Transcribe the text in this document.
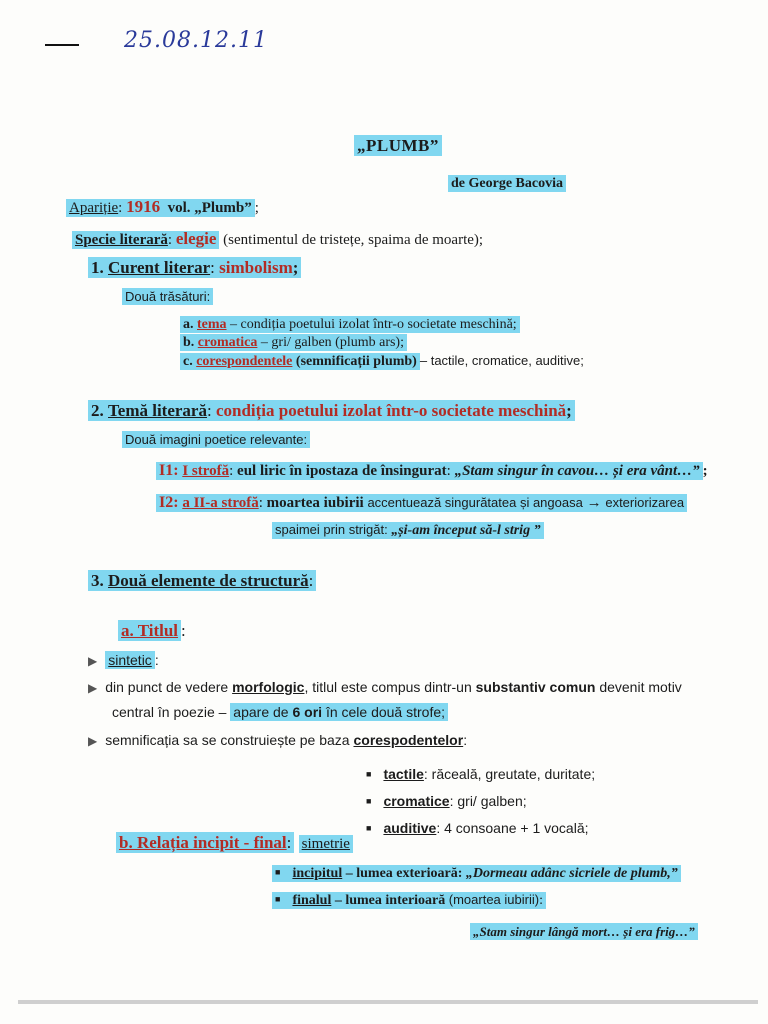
25.08.12.11
„PLUMB”
de George Bacovia
Apariție: 1916 vol. „Plumb” ;
Specie literară: elegie (sentimentul de tristețe, spaima de moarte);
1. Curent literar: simbolism;
Două trăsături:
a. tema – condiția poetului izolat într-o societate meschină;
b. cromatica – gri/ galben (plumb ars);
c. corespondentele (semnificații plumb) – tactile, cromatice, auditive;
2. Temă literară: condiția poetului izolat într-o societate meschină;
Două imagini poetice relevante:
I1: I strofă: eul liric în ipostaza de însingurat: „Stam singur în cavou… și era vânt…” ;
I2: a II-a strofă: moartea iubirii accentuează singurătatea și angoasa → exteriorizarea
spaimei prin strigăt: „și-am început să-l strig ”
3. Două elemente de structură:
a. Titlul :
▶ sintetic :
▶ din punct de vedere morfologic, titlul este compus dintr-un substantiv comun devenit motiv
central în poezie – apare de 6 ori în cele două strofe;
▶ semnificația sa se construiește pe baza corespodentelor:
■ tactile: răceală, greutate, duritate;
■ cromatice: gri/ galben;
■ auditive: 4 consoane + 1 vocală;
b. Relația incipit - final: simetrie
■ incipitul – lumea exterioară: „Dormeau adânc sicriele de plumb,”
■ finalul – lumea interioară (moartea iubirii):
„Stam singur lângă mort… și era frig…”
